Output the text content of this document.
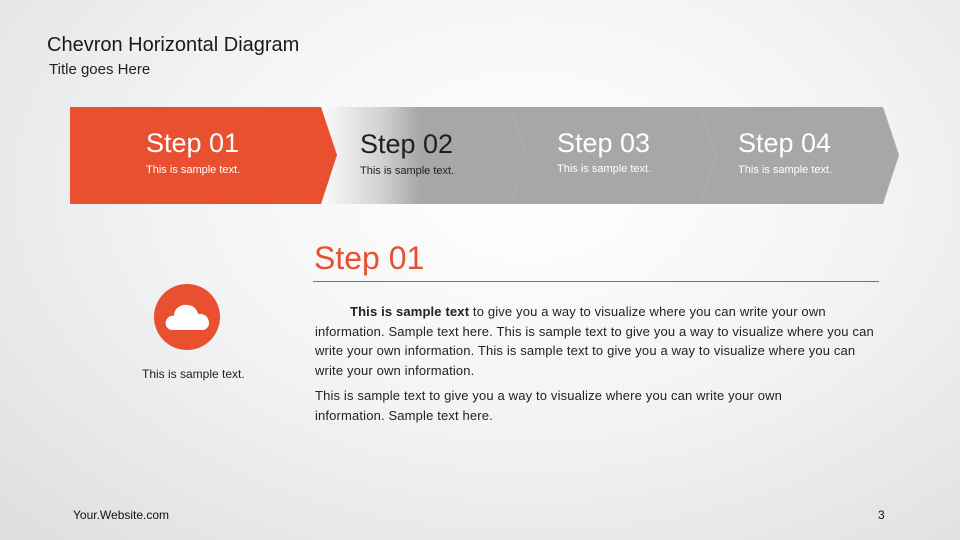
Chevron Horizontal Diagram
Title goes Here
Step 01
This is sample text.
Step 02
This is sample text.
Step 03
This is sample text.
Step 04
This is sample text.
Step 01
This is sample text.
This is sample text to give you a way to visualize where you can write your own information. Sample text here. This is sample text to give you a way to visualize where you can write your own information. This is sample text to give you a way to visualize where you can write your own information.
This is sample text to give you a way to visualize where you can write your own information. Sample text here.
Your.Website.com	3
